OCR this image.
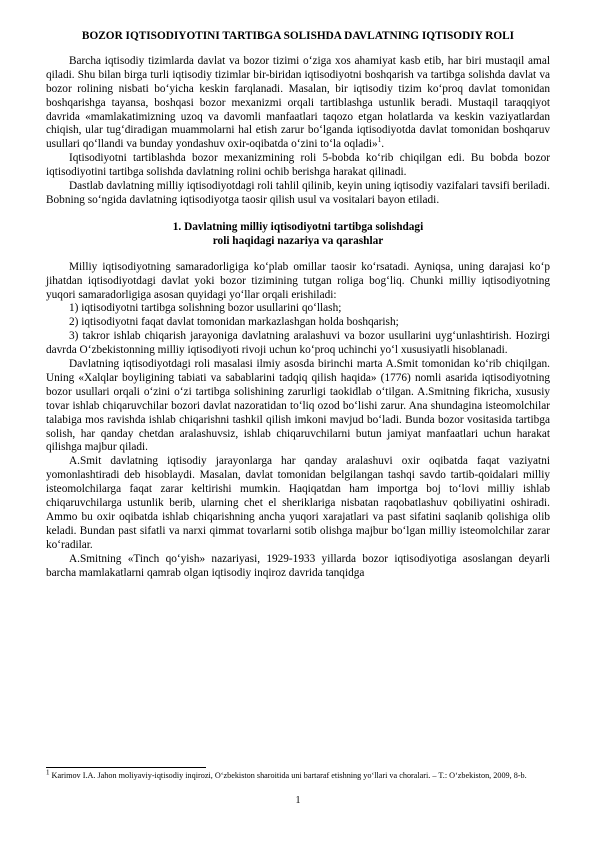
BOZOR IQTISODIYOTINI TARTIBGA SOLISHDA DAVLATNING IQTISODIY ROLI

Barcha iqtisodiy tizimlarda davlat va bozor tizimi o‘ziga xos ahamiyat kasb etib, har biri mustaqil amal qiladi. Shu bilan birga turli iqtisodiy tizimlar bir-biridan iqtisodiyotni boshqarish va tartibga solishda davlat va bozor rolining nisbati bo‘yicha keskin farqlanadi. Masalan, bir iqtisodiy tizim ko‘proq davlat tomonidan boshqarishga tayansa, boshqasi bozor mexanizmi orqali tartiblashga ustunlik beradi. Mustaqil taraqqiyot davrida «mamlakatimizning uzoq va davomli manfaatlari taqozo etgan holatlarda va keskin vaziyatlardan chiqish, ular tug‘diradigan muammolarni hal etish zarur bo‘lganda iqtisodiyotda davlat tomonidan boshqaruv usullari qo‘llandi va bunday yondashuv oxir-oqibatda o‘zini to‘la oqladi»$^1$.

Iqtisodiyotni tartiblashda bozor mexanizmining roli 5-bobda ko‘rib chiqilgan edi. Bu bobda bozor iqtisodiyotini tartibga solishda davlatning rolini ochib berishga harakat qilinadi.

Dastlab davlatning milliy iqtisodiyotdagi roli tahlil qilinib, keyin uning iqtisodiy vazifalari tavsifi beriladi. Bobning so‘ngida davlatning iqtisodiyotga taosir qilish usul va vositalari bayon etiladi.

1. Davlatning milliy iqtisodiyotni tartibga solishdagi
roli haqidagi nazariya va qarashlar

Milliy iqtisodiyotning samaradorligiga ko‘plab omillar taosir ko‘rsatadi. Ayniqsa, uning darajasi ko‘p jihatdan iqtisodiyotdagi davlat yoki bozor tizimining tutgan roliga bog‘liq. Chunki milliy iqtisodiyotning yuqori samaradorligiga asosan quyidagi yo‘llar orqali erishiladi:

1) iqtisodiyotni tartibga solishning bozor usullarini qo‘llash;

2) iqtisodiyotni faqat davlat tomonidan markazlashgan holda boshqarish;

3) takror ishlab chiqarish jarayoniga davlatning aralashuvi va bozor usullarini uyg‘unlashtirish. Hozirgi davrda O‘zbekistonning milliy iqtisodiyoti rivoji uchun ko‘proq uchinchi yo‘l xususiyatli hisoblanadi.

Davlatning iqtisodiyotdagi roli masalasi ilmiy asosda birinchi marta A.Smit tomonidan ko‘rib chiqilgan. Uning «Xalqlar boyligining tabiati va sabablarini tadqiq qilish haqida» (1776) nomli asarida iqtisodiyotning bozor usullari orqali o‘zini o‘zi tartibga solishining zarurligi taokidlab o‘tilgan. A.Smitning fikricha, xususiy tovar ishlab chiqaruvchilar bozori davlat nazoratidan to‘liq ozod bo‘lishi zarur. Ana shundagina isteomolchilar talabiga mos ravishda ishlab chiqarishni tashkil qilish imkoni mavjud bo‘ladi. Bunda bozor vositasida tartibga solish, har qanday chetdan aralashuvsiz, ishlab chiqaruvchilarni butun jamiyat manfaatlari uchun harakat qilishga majbur qiladi.

A.Smit davlatning iqtisodiy jarayonlarga har qanday aralashuvi oxir oqibatda faqat vaziyatni yomonlashtiradi deb hisoblaydi. Masalan, davlat tomonidan belgilangan tashqi savdo tartib-qoidalari milliy isteomolchilarga faqat zarar keltirishi mumkin. Haqiqatdan ham importga boj to‘lovi milliy ishlab chiqaruvchilarga ustunlik berib, ularning chet el sheriklariga nisbatan raqobatlashuv qobiliyatini oshiradi. Ammo bu oxir oqibatda ishlab chiqarishning ancha yuqori xarajatlari va past sifatini saqlanib qolishiga olib keladi. Bundan past sifatli va narxi qimmat tovarlarni sotib olishga majbur bo‘lgan milliy isteomolchilar zarar ko‘radilar.

A.Smitning «Tinch qo‘yish» nazariyasi, 1929-1933 yillarda bozor iqtisodiyotiga asoslangan deyarli barcha mamlakatlarni qamrab olgan iqtisodiy inqiroz davrida tanqidga

$^1$ Karimov I.A. Jahon moliyaviy-iqtisodiy inqirozi, O‘zbekiston sharoitida uni bartaraf etishning yo‘llari va choralari. – T.: O‘zbekiston, 2009, 8-b.
1
